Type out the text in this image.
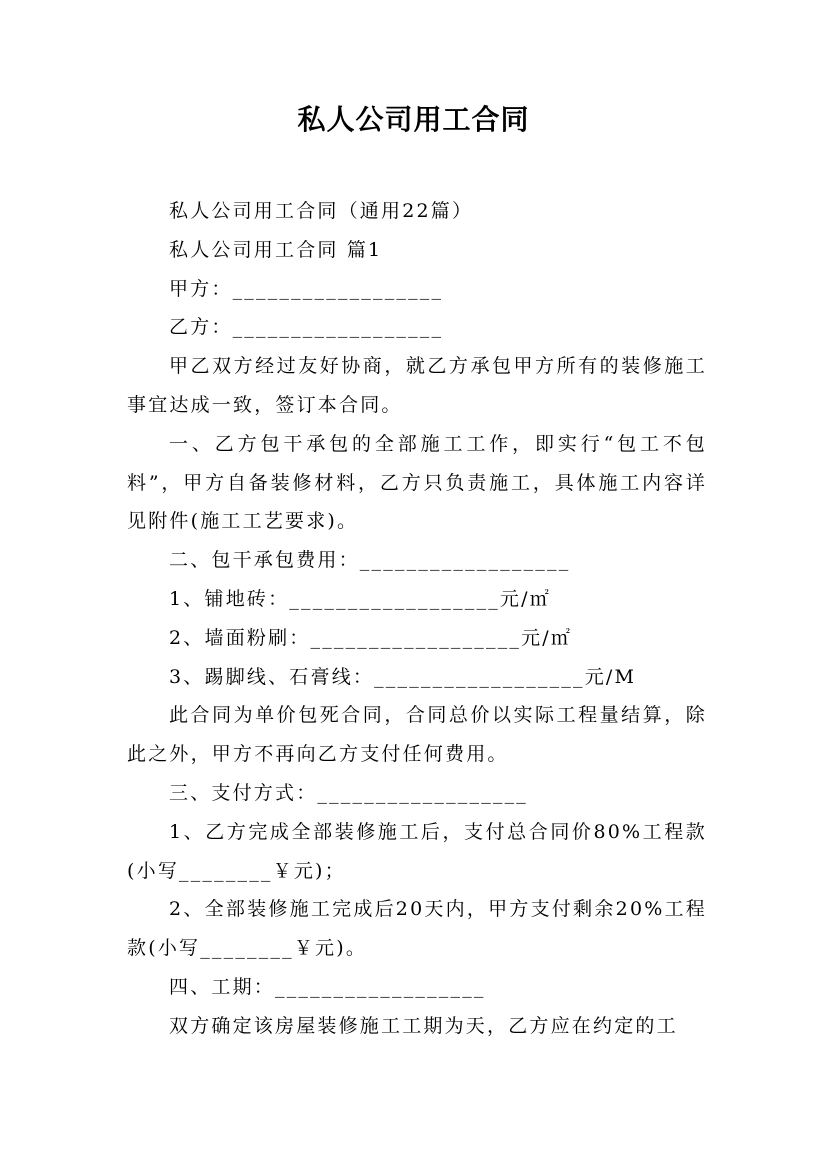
私人公司用工合同

私人公司用工合同（通用22篇）

私人公司用工合同 篇1

甲方：__________________

乙方：__________________

甲乙双方经过友好协商，就乙方承包甲方所有的装修施工事宜达成一致，签订本合同。

一、乙方包干承包的全部施工工作，即实行“包工不包料”，甲方自备装修材料，乙方只负责施工，具体施工内容详见附件(施工工艺要求)。

二、包干承包费用：__________________

1、铺地砖：__________________元/㎡

2、墙面粉刷：__________________元/㎡

3、踢脚线、石膏线：__________________元/M

此合同为单价包死合同，合同总价以实际工程量结算，除此之外，甲方不再向乙方支付任何费用。

三、支付方式：__________________

1、乙方完成全部装修施工后，支付总合同价80%工程款(小写________￥元)；

2、全部装修施工完成后20天内，甲方支付剩余20%工程款(小写________￥元)。

四、工期：__________________

双方确定该房屋装修施工工期为天，乙方应在约定的工
